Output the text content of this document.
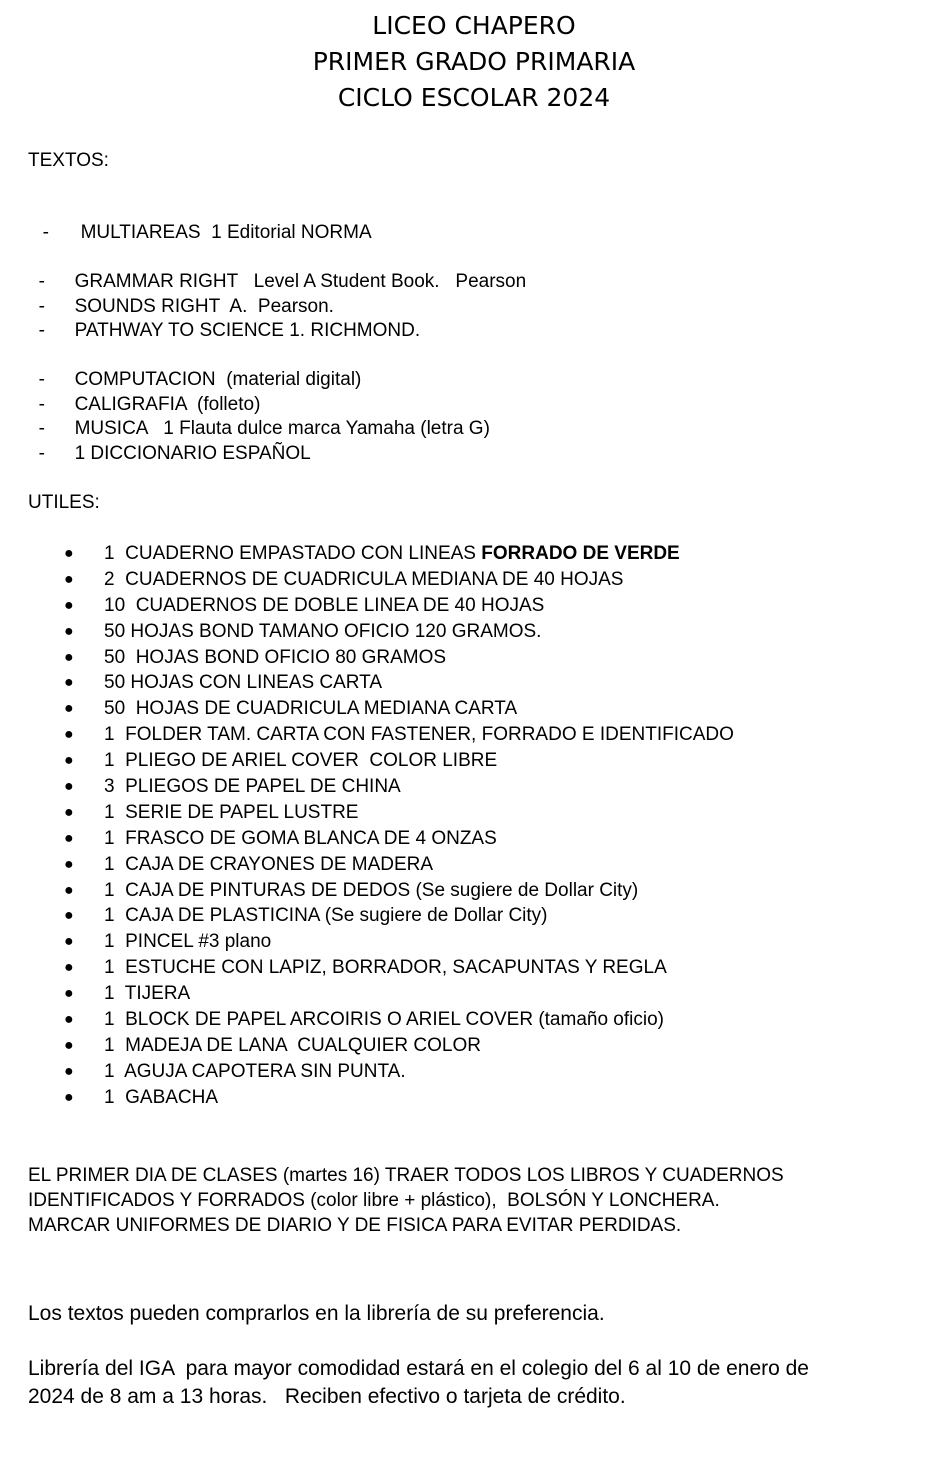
LICEO CHAPERO
PRIMER GRADO PRIMARIA
CICLO ESCOLAR 2024
TEXTOS:

- MULTIAREAS  1 Editorial NORMA

- GRAMMAR RIGHT   Level A Student Book.   Pearson

- SOUNDS RIGHT  A.  Pearson.

- PATHWAY TO SCIENCE 1. RICHMOND.

- COMPUTACION  (material digital)

- CALIGRAFIA  (folleto)

- MUSICA   1 Flauta dulce marca Yamaha (letra G)

- 1 DICCIONARIO ESPAÑOL

UTILES:
● 1  CUADERNO EMPASTADO CON LINEAS FORRADO DE VERDE
● 2  CUADERNOS DE CUADRICULA MEDIANA DE 40 HOJAS
● 10  CUADERNOS DE DOBLE LINEA DE 40 HOJAS
● 50 HOJAS BOND TAMANO OFICIO 120 GRAMOS.
● 50  HOJAS BOND OFICIO 80 GRAMOS
● 50 HOJAS CON LINEAS CARTA
● 50  HOJAS DE CUADRICULA MEDIANA CARTA
● 1  FOLDER TAM. CARTA CON FASTENER, FORRADO E IDENTIFICADO
● 1  PLIEGO DE ARIEL COVER  COLOR LIBRE
● 3  PLIEGOS DE PAPEL DE CHINA
● 1  SERIE DE PAPEL LUSTRE
● 1  FRASCO DE GOMA BLANCA DE 4 ONZAS
● 1  CAJA DE CRAYONES DE MADERA
● 1  CAJA DE PINTURAS DE DEDOS (Se sugiere de Dollar City)
● 1  CAJA DE PLASTICINA (Se sugiere de Dollar City)
● 1  PINCEL #3 plano
● 1  ESTUCHE CON LAPIZ, BORRADOR, SACAPUNTAS Y REGLA
● 1  TIJERA
● 1  BLOCK DE PAPEL ARCOIRIS O ARIEL COVER (tamaño oficio)
● 1  MADEJA DE LANA  CUALQUIER COLOR
● 1  AGUJA CAPOTERA SIN PUNTA.
● 1  GABACHA
EL PRIMER DIA DE CLASES (martes 16) TRAER TODOS LOS LIBROS Y CUADERNOS
IDENTIFICADOS Y FORRADOS (color libre + plástico),  BOLSÓN Y LONCHERA.
MARCAR UNIFORMES DE DIARIO Y DE FISICA PARA EVITAR PERDIDAS.
Los textos pueden comprarlos en la librería de su preferencia.
Librería del IGA  para mayor comodidad estará en el colegio del 6 al 10 de enero de
2024 de 8 am a 13 horas.   Reciben efectivo o tarjeta de crédito.
